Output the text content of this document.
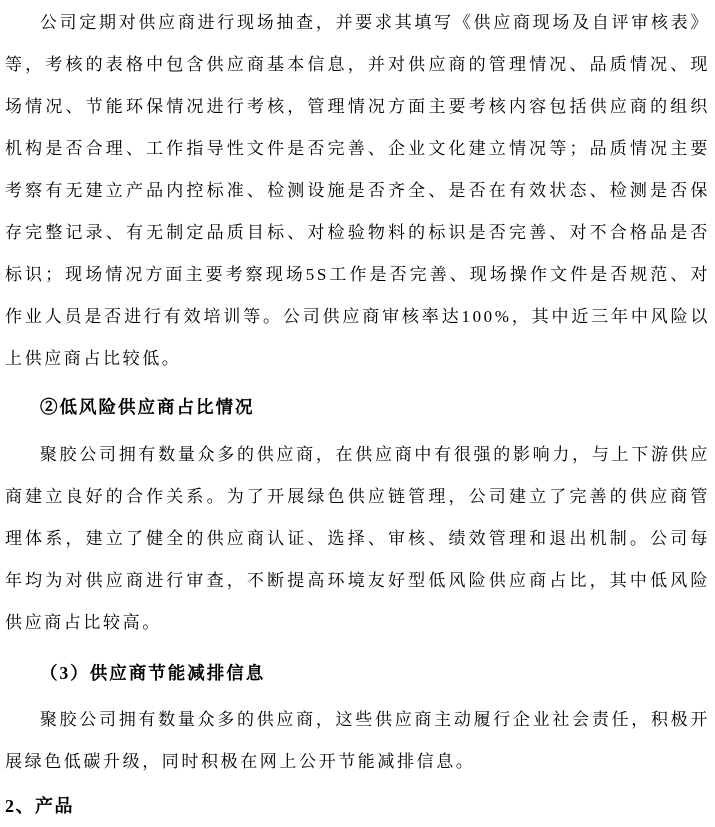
公司定期对供应商进行现场抽查，并要求其填写《供应商现场及自评审核表》等，考核的表格中包含供应商基本信息，并对供应商的管理情况、品质情况、现场情况、节能环保情况进行考核，管理情况方面主要考核内容包括供应商的组织机构是否合理、工作指导性文件是否完善、企业文化建立情况等；品质情况主要考察有无建立产品内控标准、检测设施是否齐全、是否在有效状态、检测是否保存完整记录、有无制定品质目标、对检验物料的标识是否完善、对不合格品是否标识；现场情况方面主要考察现场5S工作是否完善、现场操作文件是否规范、对作业人员是否进行有效培训等。公司供应商审核率达100%，其中近三年中风险以上供应商占比较低。

②低风险供应商占比情况

聚胶公司拥有数量众多的供应商，在供应商中有很强的影响力，与上下游供应商建立良好的合作关系。为了开展绿色供应链管理，公司建立了完善的供应商管理体系，建立了健全的供应商认证、选择、审核、绩效管理和退出机制。公司每年均为对供应商进行审查，不断提高环境友好型低风险供应商占比，其中低风险供应商占比较高。

（3）供应商节能减排信息

聚胶公司拥有数量众多的供应商，这些供应商主动履行企业社会责任，积极开展绿色低碳升级，同时积极在网上公开节能减排信息。

2、产品
